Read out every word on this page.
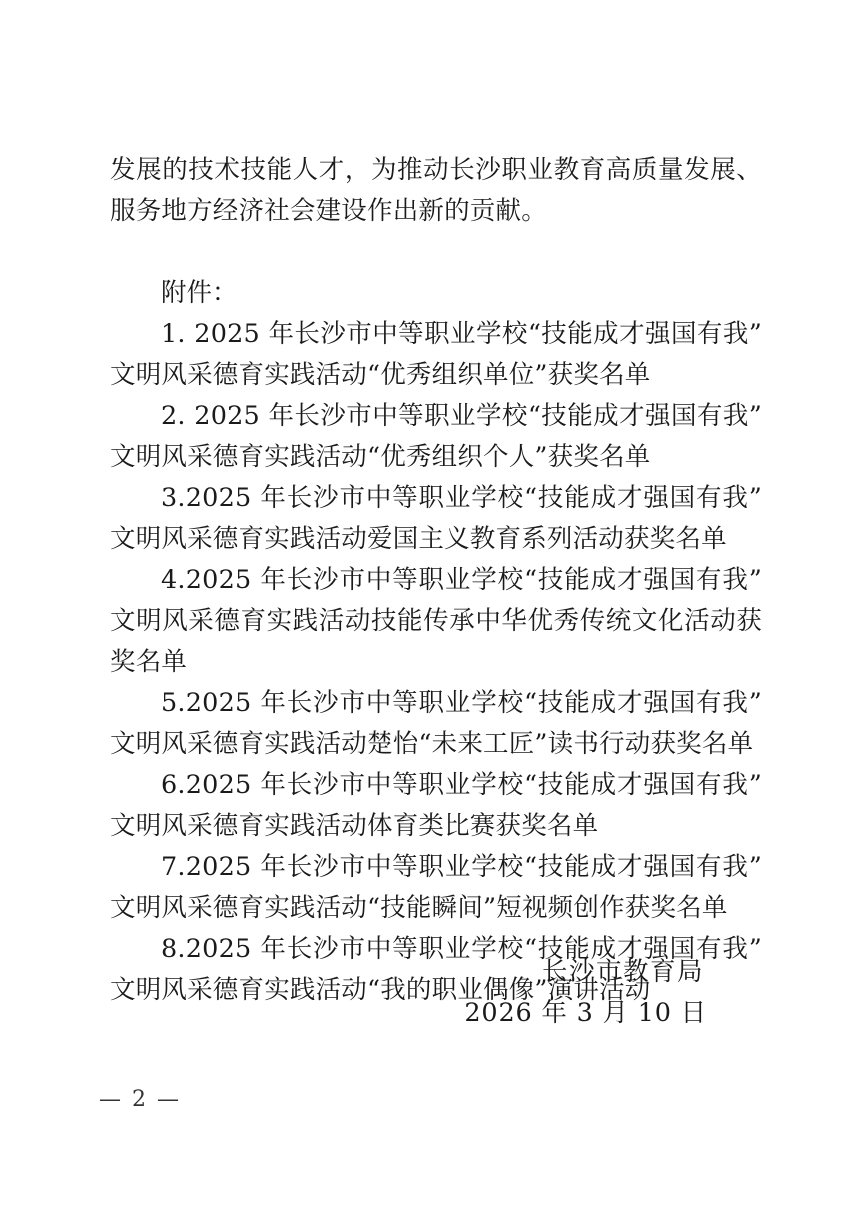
发展的技术技能人才，为推动长沙职业教育高质量发展、服务地方经济社会建设作出新的贡献。

附件：

1. 2025 年长沙市中等职业学校“技能成才强国有我”文明风采德育实践活动“优秀组织单位”获奖名单

2. 2025 年长沙市中等职业学校“技能成才强国有我”文明风采德育实践活动“优秀组织个人”获奖名单

3.2025 年长沙市中等职业学校“技能成才强国有我”文明风采德育实践活动爱国主义教育系列活动获奖名单

4.2025 年长沙市中等职业学校“技能成才强国有我”文明风采德育实践活动技能传承中华优秀传统文化活动获奖名单

5.2025 年长沙市中等职业学校“技能成才强国有我”文明风采德育实践活动楚怡“未来工匠”读书行动获奖名单

6.2025 年长沙市中等职业学校“技能成才强国有我”文明风采德育实践活动体育类比赛获奖名单

7.2025 年长沙市中等职业学校“技能成才强国有我”文明风采德育实践活动“技能瞬间”短视频创作获奖名单

8.2025 年长沙市中等职业学校“技能成才强国有我”文明风采德育实践活动“我的职业偶像”演讲活动

长沙市教育局

2026 年 3 月 10 日

— 2 —
